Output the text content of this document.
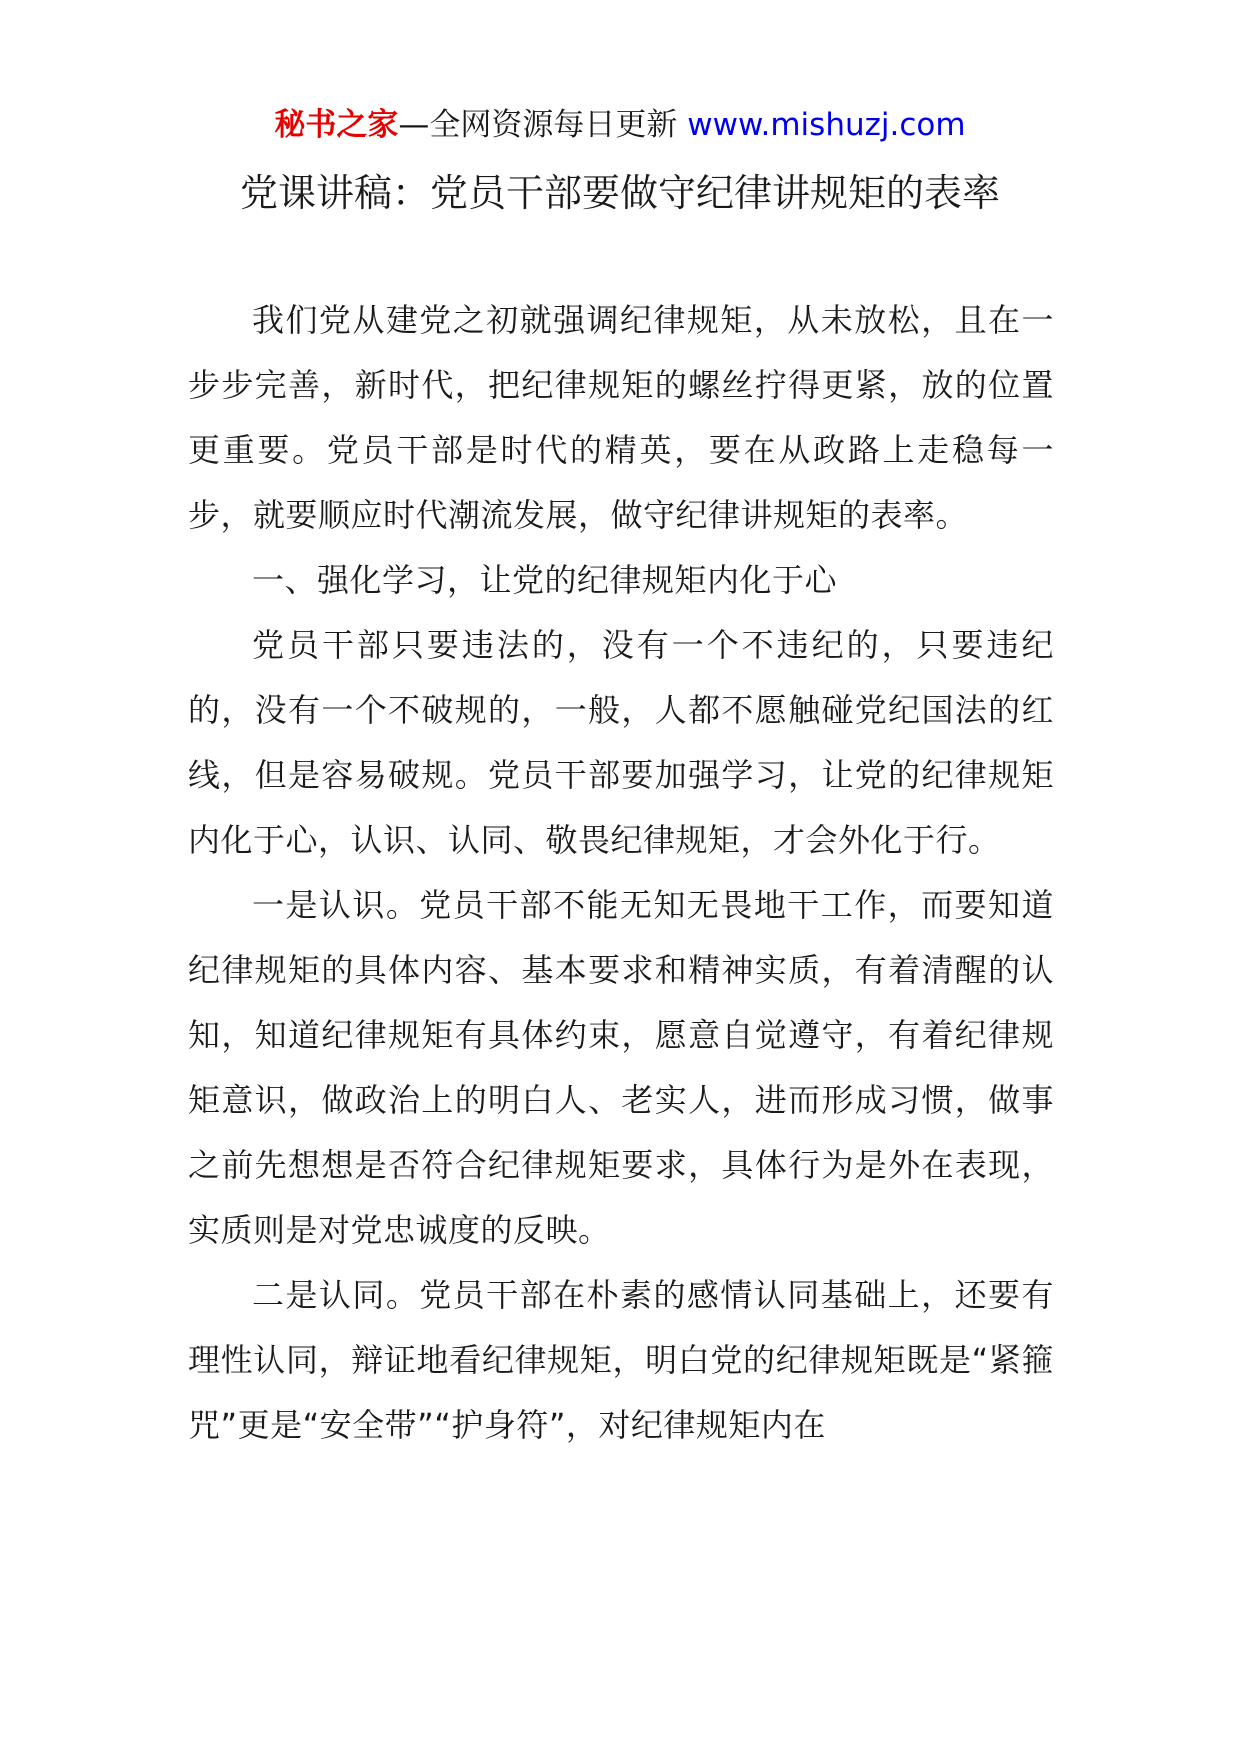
秘书之家—全网资源每日更新 www.mishuzj.com
党课讲稿：党员干部要做守纪律讲规矩的表率

我们党从建党之初就强调纪律规矩，从未放松，且在一步步完善，新时代，把纪律规矩的螺丝拧得更紧，放的位置更重要。党员干部是时代的精英，要在从政路上走稳每一步，就要顺应时代潮流发展，做守纪律讲规矩的表率。

一、强化学习，让党的纪律规矩内化于心

党员干部只要违法的，没有一个不违纪的，只要违纪的，没有一个不破规的，一般，人都不愿触碰党纪国法的红线，但是容易破规。党员干部要加强学习，让党的纪律规矩内化于心，认识、认同、敬畏纪律规矩，才会外化于行。

一是认识。党员干部不能无知无畏地干工作，而要知道纪律规矩的具体内容、基本要求和精神实质，有着清醒的认知，知道纪律规矩有具体约束，愿意自觉遵守，有着纪律规矩意识，做政治上的明白人、老实人，进而形成习惯，做事之前先想想是否符合纪律规矩要求，具体行为是外在表现，实质则是对党忠诚度的反映。

二是认同。党员干部在朴素的感情认同基础上，还要有理性认同，辩证地看纪律规矩，明白党的纪律规矩既是“紧箍咒”更是“安全带”“护身符”，对纪律规矩内在
